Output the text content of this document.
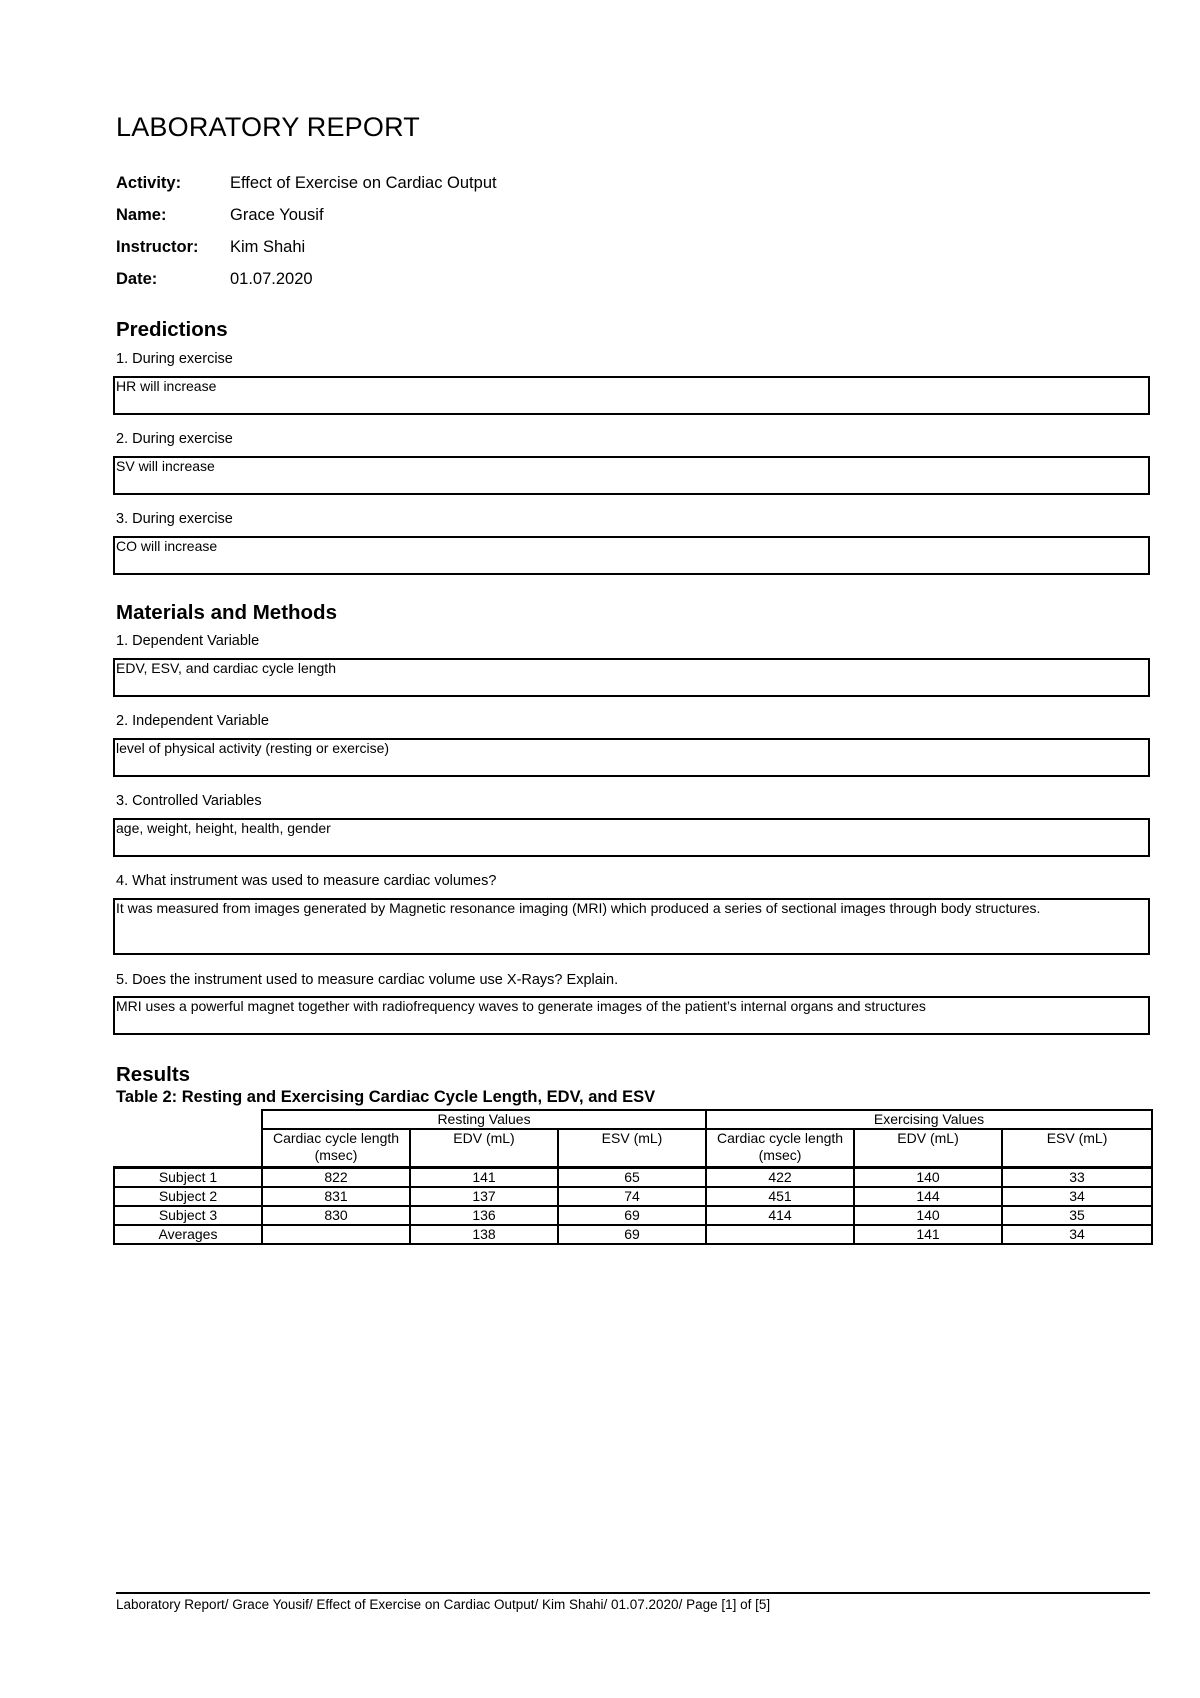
LABORATORY REPORT
Activity:	Effect of Exercise on Cardiac Output
Name:	Grace Yousif
Instructor: Kim Shahi
Date:	01.07.2020
Predictions
1. During exercise
HR will increase
2. During exercise
SV will increase
3. During exercise
CO will increase
Materials and Methods
1. Dependent Variable
EDV, ESV, and cardiac cycle length
2. Independent Variable
level of physical activity (resting or exercise)
3. Controlled Variables
age, weight, height, health, gender
4. What instrument was used to measure cardiac volumes?
It was measured from images generated by Magnetic resonance imaging (MRI) which produced a series of sectional images through body structures.
5. Does the instrument used to measure cardiac volume use X-Rays? Explain.
MRI uses a powerful magnet together with radiofrequency waves to generate images of the patient’s internal organs and structures
Results
Table 2: Resting and Exercising Cardiac Cycle Length, EDV, and ESV
	Resting Values			Exercising Values		
	Cardiac cycle length (msec)	EDV (mL)	ESV (mL)	Cardiac cycle length (msec)	EDV (mL)	ESV (mL)
Subject 1	822	141	65	422	140	33
Subject 2	831	137	74	451	144	34
Subject 3	830	136	69	414	140	35
Averages		138	69		141	34
Laboratory Report/ Grace Yousif/ Effect of Exercise on Cardiac Output/ Kim Shahi/ 01.07.2020/ Page [1] of [5]
